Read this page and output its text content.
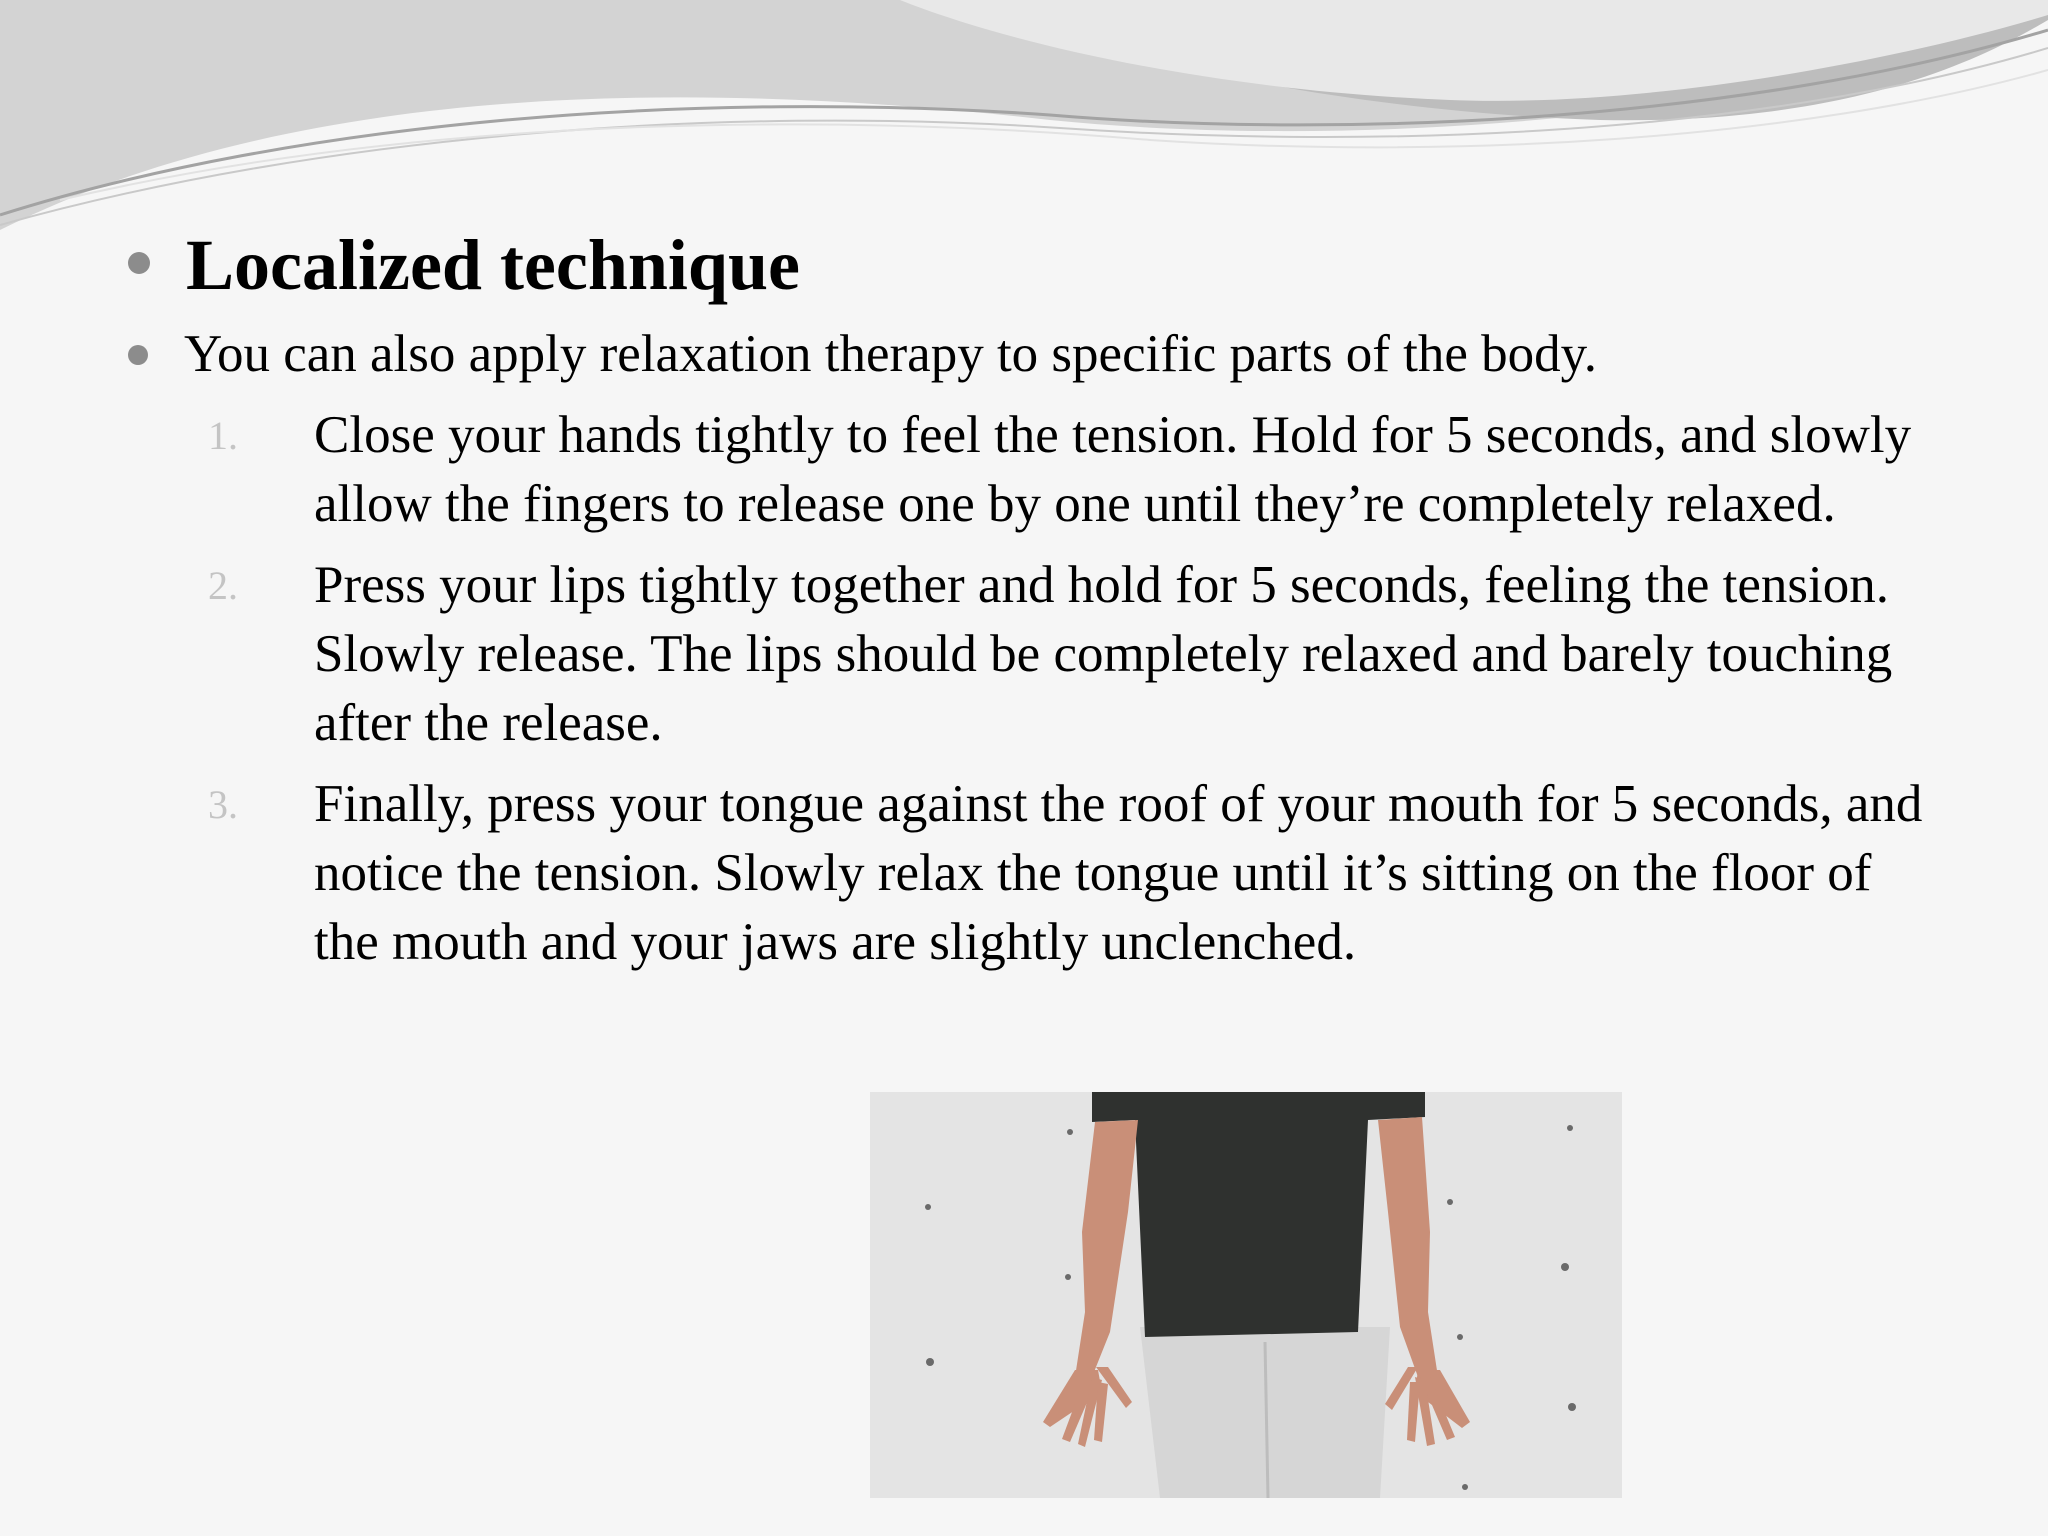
Localized technique
You can also apply relaxation therapy to specific parts of the body.
1.	Close your hands tightly to feel the tension. Hold for 5 seconds, and slowly allow the fingers to release one by one until they’re completely relaxed.
2.	Press your lips tightly together and hold for 5 seconds, feeling the tension. Slowly release. The lips should be completely relaxed and barely touching after the release.
3.	Finally, press your tongue against the roof of your mouth for 5 seconds, and notice the tension. Slowly relax the tongue until it’s sitting on the floor of the mouth and your jaws are slightly unclenched.
